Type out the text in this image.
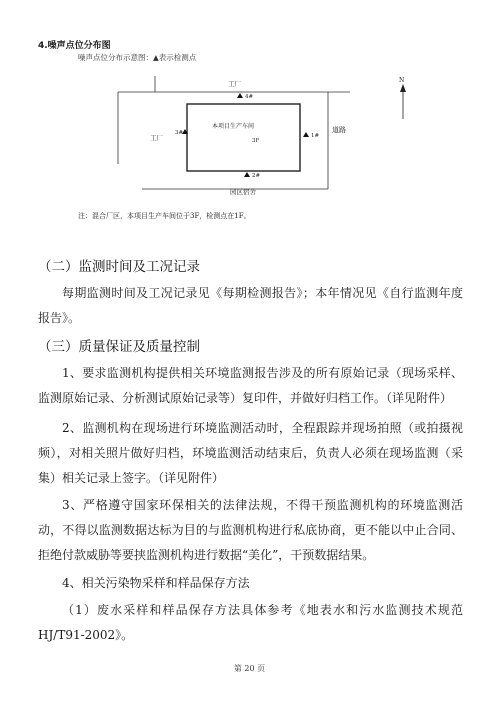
4.噪声点位分布图
噪声点位分布示意图：▲表示检测点
本项目生产车间
3F
工厂
工厂
道路
园区宿舍
4#
3#	1#
2#
N
注：混合厂区，本项目生产车间位于3F，检测点在1F。
（二）监测时间及工况记录
每期监测时间及工况记录见《每期检测报告》；本年情况见《自行监测年度报告》。
（三）质量保证及质量控制
1、要求监测机构提供相关环境监测报告涉及的所有原始记录（现场采样、监测原始记录、分析测试原始记录等）复印件，并做好归档工作。（详见附件）
2、监测机构在现场进行环境监测活动时，全程跟踪并现场拍照（或拍摄视频），对相关照片做好归档，环境监测活动结束后，负责人必须在现场监测（采集）相关记录上签字。（详见附件）
3、严格遵守国家环保相关的法律法规，不得干预监测机构的环境监测活动，不得以监测数据达标为目的与监测机构进行私底协商，更不能以中止合同、拒绝付款威胁等要挟监测机构进行数据“美化”，干预数据结果。
4、相关污染物采样和样品保存方法
（1）废水采样和样品保存方法具体参考《地表水和污水监测技术规范HJ/T91-2002》。
第 20 页
